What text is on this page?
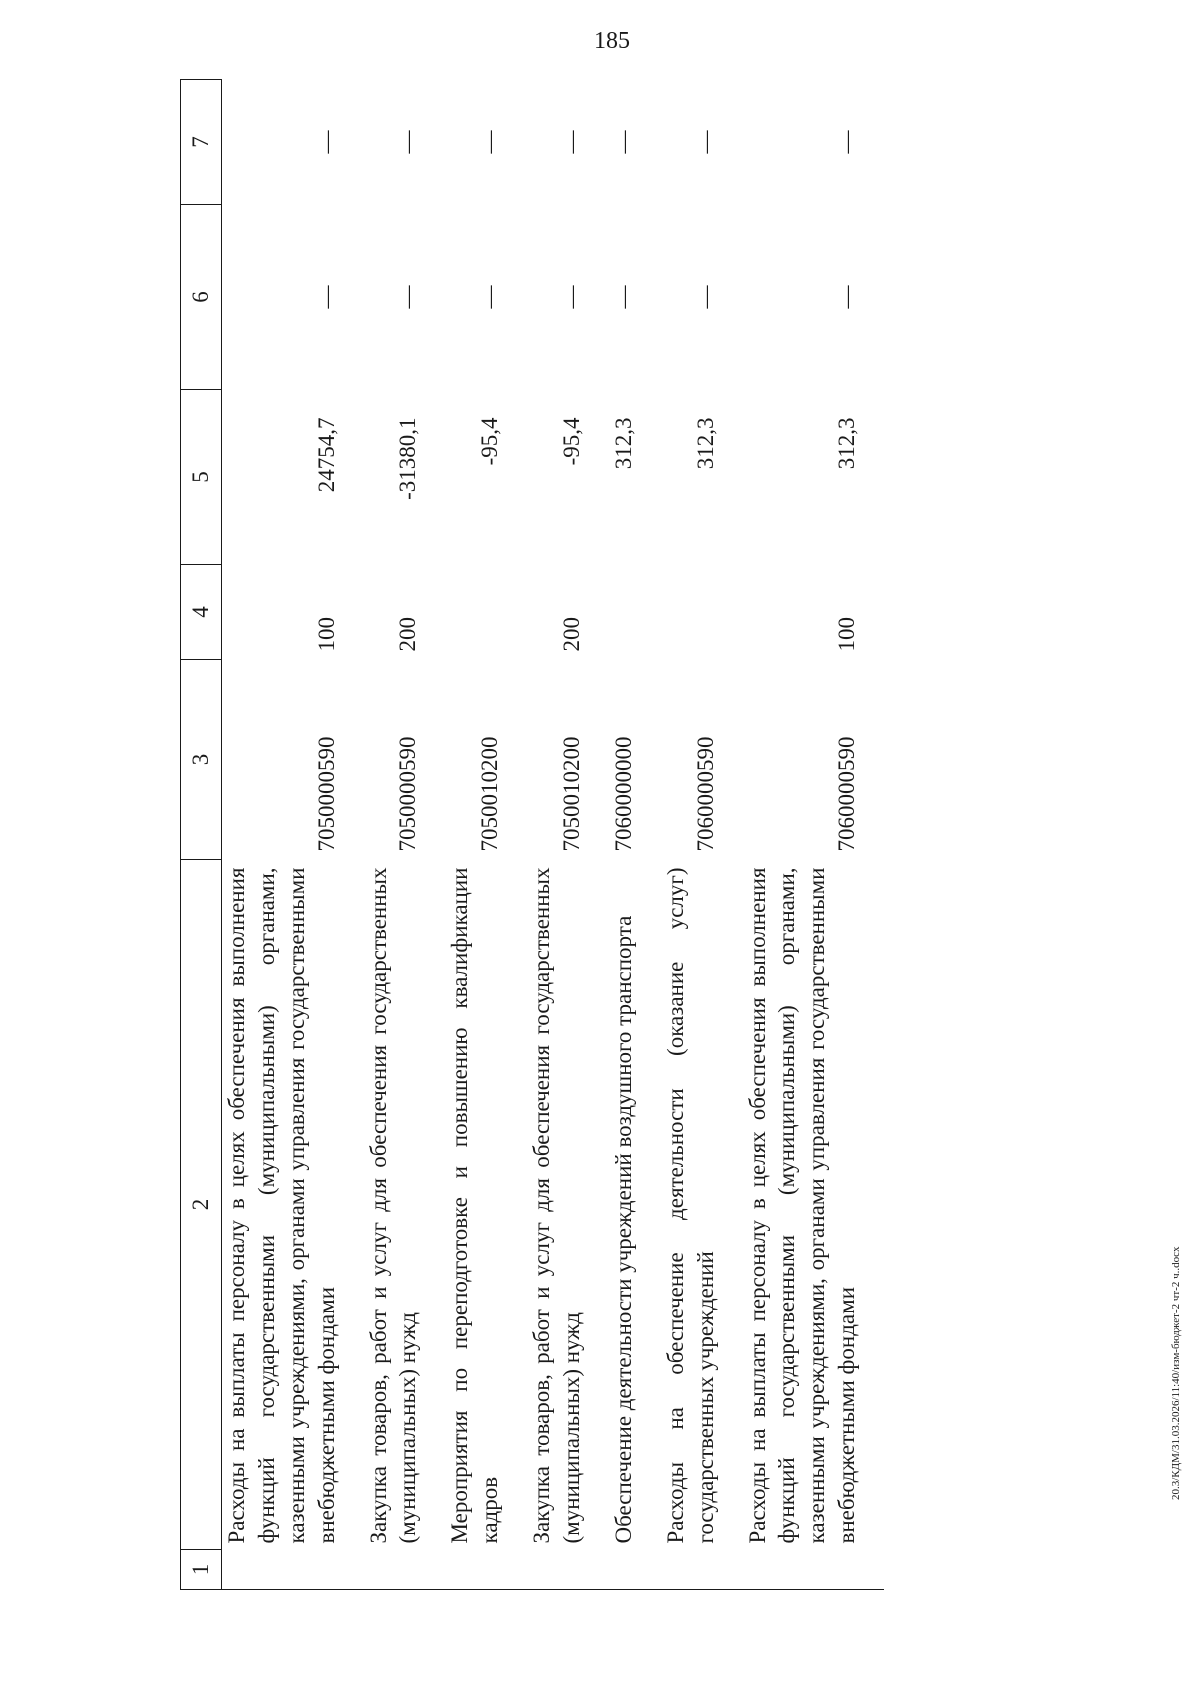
185
20.3/КДМ/31.03.2026/11:40/изм-бюджет-2 чт-2 ч..docx
1	2	3	4	5	6	7
	Расходы на выплаты персоналу в целях обеспечения выполнения функций государственными (муниципальными) органами, казенными учреждениями, органами управления государственными внебюджетными фондами	7050000590	100	24754,7	—	—
	Закупка товаров, работ и услуг для обеспечения государственных (муниципальных) нужд	7050000590	200	-31380,1	—	—
	Мероприятия по переподготовке и повышению квалификации кадров	7050010200		-95,4	—	—
	Закупка товаров, работ и услуг для обеспечения государственных (муниципальных) нужд	7050010200	200	-95,4	—	—
	Обеспечение деятельности учреждений воздушного транспорта	7060000000		312,3	—	—
	Расходы на обеспечение деятельности (оказание услуг) государственных учреждений	7060000590		312,3	—	—
	Расходы на выплаты персоналу в целях обеспечения выполнения функций государственными (муниципальными) органами, казенными учреждениями, органами управления государственными внебюджетными фондами	7060000590	100	312,3	—	—
